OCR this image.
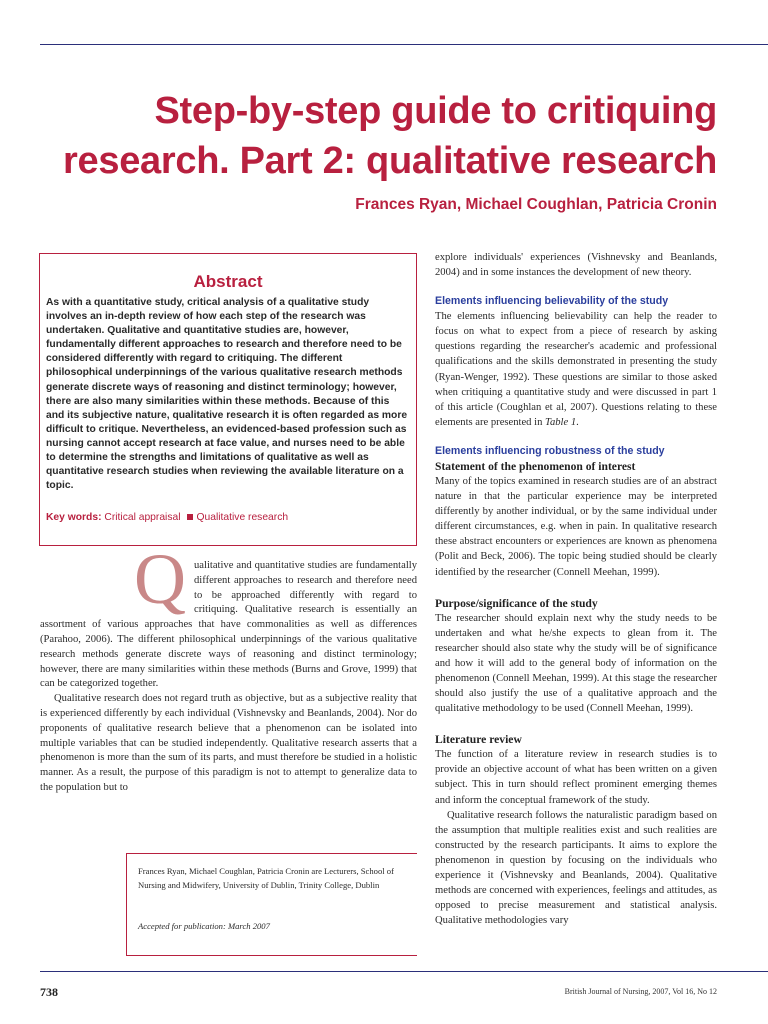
Step-by-step guide to critiquing research. Part 2: qualitative research

Frances Ryan, Michael Coughlan, Patricia Cronin

Abstract

As with a quantitative study, critical analysis of a qualitative study involves an in-depth review of how each step of the research was undertaken. Qualitative and quantitative studies are, however, fundamentally different approaches to research and therefore need to be considered differently with regard to critiquing. The different philosophical underpinnings of the various qualitative research methods generate discrete ways of reasoning and distinct terminology; however, there are also many similarities within these methods. Because of this and its subjective nature, qualitative research it is often regarded as more difficult to critique. Nevertheless, an evidenced-based profession such as nursing cannot accept research at face value, and nurses need to be able to determine the strengths and limitations of qualitative as well as quantitative research studies when reviewing the available literature on a topic.

Key words: Critical appraisal Qualitative research

Q ualitative and quantitative studies are fundamentally different approaches to research and therefore need to be approached differently with regard to critiquing. Qualitative research is essentially an assortment of various approaches that have commonalities as well as differences (Parahoo, 2006). The different philosophical underpinnings of the various qualitative research methods generate discrete ways of reasoning and distinct terminology; however, there are many similarities within these methods (Burns and Grove, 1999) that can be categorized together.

Qualitative research does not regard truth as objective, but as a subjective reality that is experienced differently by each individual (Vishnevsky and Beanlands, 2004). Nor do proponents of qualitative research believe that a phenomenon can be isolated into multiple variables that can be studied independently. Qualitative research asserts that a phenomenon is more than the sum of its parts, and must therefore be studied in a holistic manner. As a result, the purpose of this paradigm is not to attempt to generalize data to the population but to

Frances Ryan, Michael Coughlan, Patricia Cronin are Lecturers, School of Nursing and Midwifery, University of Dublin, Trinity College, Dublin

Accepted for publication: March 2007

explore individuals' experiences (Vishnevsky and Beanlands, 2004) and in some instances the development of new theory.

Elements influencing believability of the study

The elements influencing believability can help the reader to focus on what to expect from a piece of research by asking questions regarding the researcher's academic and professional qualifications and the skills demonstrated in presenting the study (Ryan-Wenger, 1992). These questions are similar to those asked when critiquing a quantitative study and were discussed in part 1 of this article (Coughlan et al, 2007). Questions relating to these elements are presented in Table 1.

Elements influencing robustness of the study
Statement of the phenomenon of interest

Many of the topics examined in research studies are of an abstract nature in that the particular experience may be interpreted differently by another individual, or by the same individual under different circumstances, e.g. when in pain. In qualitative research these abstract encounters or experiences are known as phenomena (Polit and Beck, 2006). The topic being studied should be clearly identified by the researcher (Connell Meehan, 1999).

Purpose/significance of the study

The researcher should explain next why the study needs to be undertaken and what he/she expects to glean from it. The researcher should also state why the study will be of significance and how it will add to the general body of information on the phenomenon (Connell Meehan, 1999). At this stage the researcher should also justify the use of a qualitative approach and the qualitative methodology to be used (Connell Meehan, 1999).

Literature review

The function of a literature review in research studies is to provide an objective account of what has been written on a given subject. This in turn should reflect prominent emerging themes and inform the conceptual framework of the study.

Qualitative research follows the naturalistic paradigm based on the assumption that multiple realities exist and such realities are constructed by the research participants. It aims to explore the phenomenon in question by focusing on the individuals who experience it (Vishnevsky and Beanlands, 2004). Qualitative methods are concerned with experiences, feelings and attitudes, as opposed to precise measurement and statistical analysis. Qualitative methodologies vary

738	British Journal of Nursing, 2007, Vol 16, No 12
